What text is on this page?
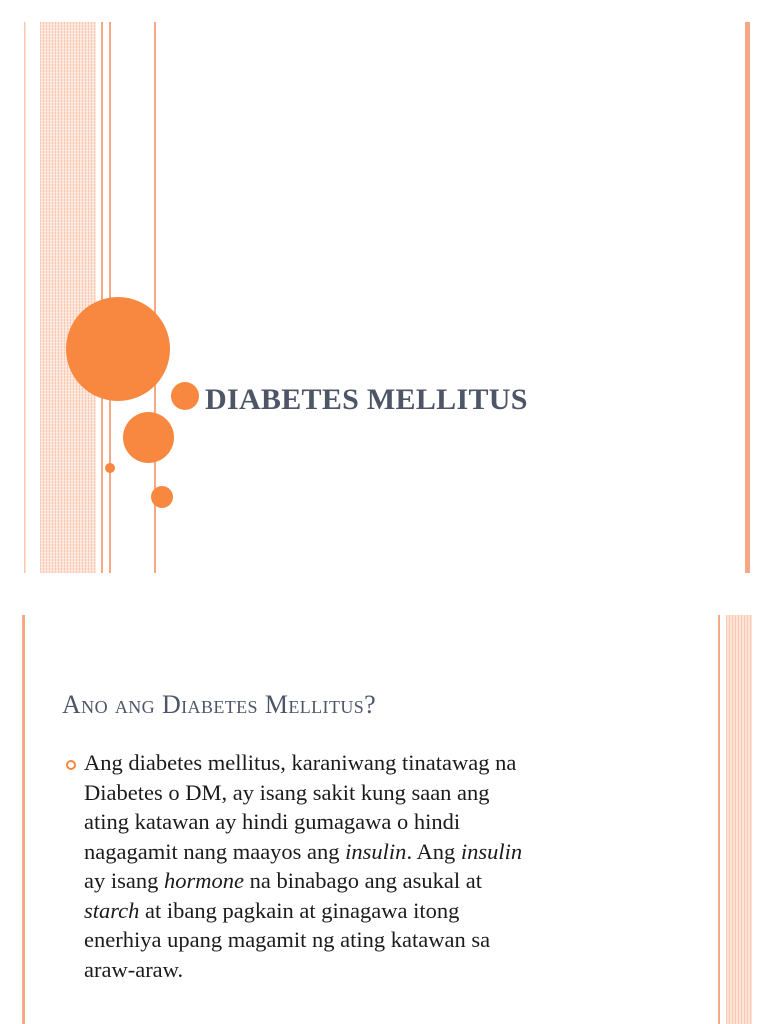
DIABETES MELLITUS
Ano ang Diabetes Mellitus?

Ang diabetes mellitus, karaniwang tinatawag na
Diabetes o DM, ay isang sakit kung saan ang
ating katawan ay hindi gumagawa o hindi
nagagamit nang maayos ang insulin. Ang insulin
ay isang hormone na binabago ang asukal at
starch at ibang pagkain at ginagawa itong
enerhiya upang magamit ng ating katawan sa
araw-araw.
